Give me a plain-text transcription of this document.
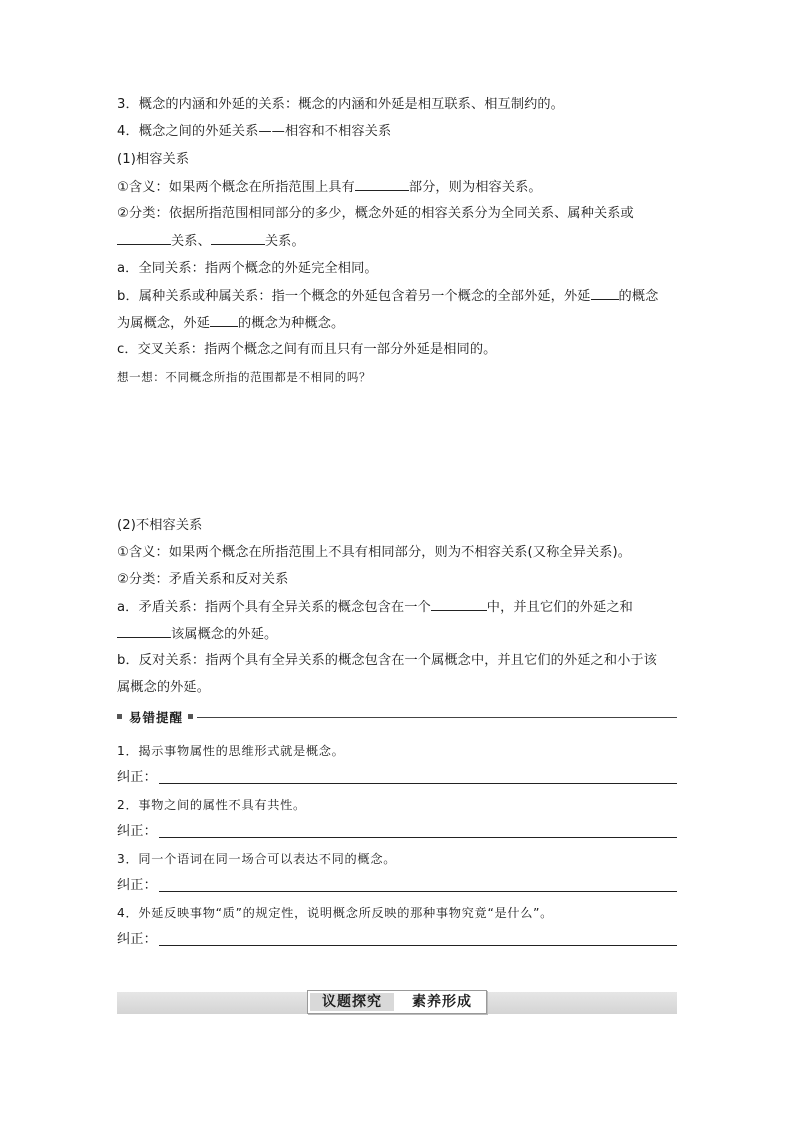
3．概念的内涵和外延的关系：概念的内涵和外延是相互联系、相互制约的。
4．概念之间的外延关系——相容和不相容关系
(1)相容关系
①含义：如果两个概念在所指范围上具有	部分，则为相容关系。
②分类：依据所指范围相同部分的多少，概念外延的相容关系分为全同关系、属种关系或
关系、	关系。
a．全同关系：指两个概念的外延完全相同。
b．属种关系或种属关系：指一个概念的外延包含着另一个概念的全部外延，外延 的概念
为属概念，外延 的概念为种概念。
c．交叉关系：指两个概念之间有而且只有一部分外延是相同的。
想一想：不同概念所指的范围都是不相同的吗？
(2)不相容关系
①含义：如果两个概念在所指范围上不具有相同部分，则为不相容关系(又称全异关系)。
②分类：矛盾关系和反对关系
a．矛盾关系：指两个具有全异关系的概念包含在一个	中，并且它们的外延之和
该属概念的外延。
b．反对关系：指两个具有全异关系的概念包含在一个属概念中，并且它们的外延之和小于该
属概念的外延。
易错提醒
1．揭示事物属性的思维形式就是概念。
纠正：
2．事物之间的属性不具有共性。
纠正：
3．同一个语词在同一场合可以表达不同的概念。
纠正：
4．外延反映事物“质”的规定性，说明概念所反映的那种事物究竟“是什么”。
纠正：
议题探究	素养形成
